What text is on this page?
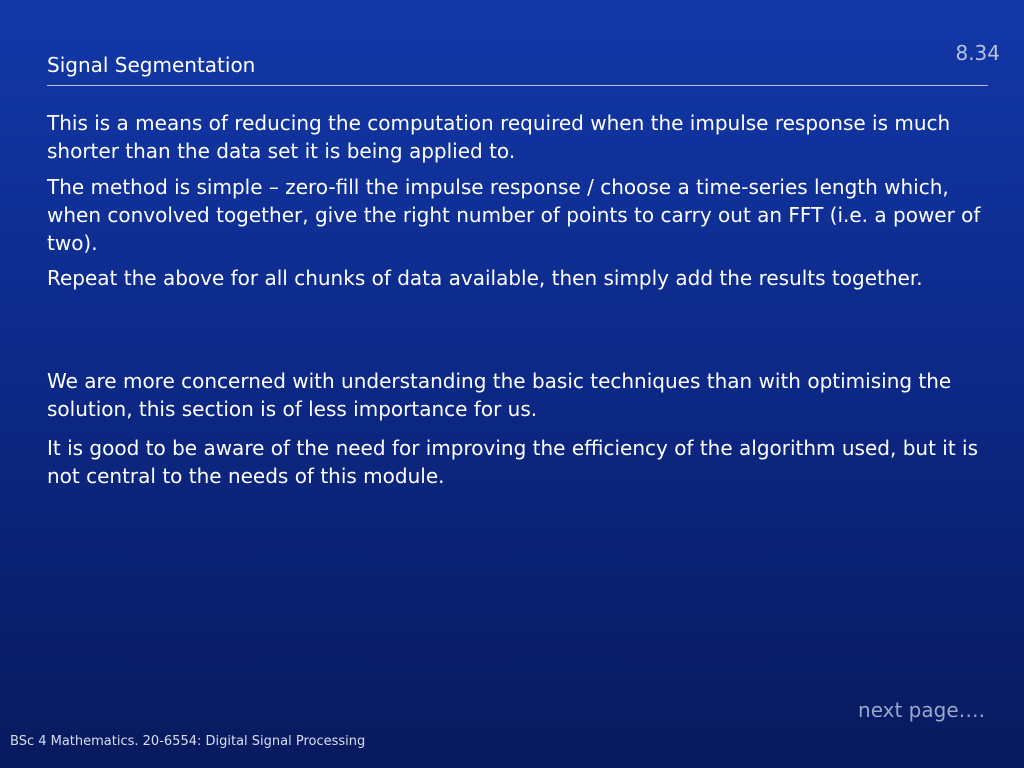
8.34
Signal Segmentation
This is a means of reducing the computation required when the impulse response is much shorter than the data set it is being applied to.
The method is simple – zero-fill the impulse response / choose a time-series length which, when convolved together, give the right number of points to carry out an FFT (i.e. a power of two).
Repeat the above for all chunks of data available, then simply add the results together.
We are more concerned with understanding the basic techniques than with optimising the solution, this section is of less importance for us.
It is good to be aware of the need for improving the efficiency of the algorithm used, but it is not central to the needs of this module.
next page….
BSc 4 Mathematics. 20-6554: Digital Signal Processing
